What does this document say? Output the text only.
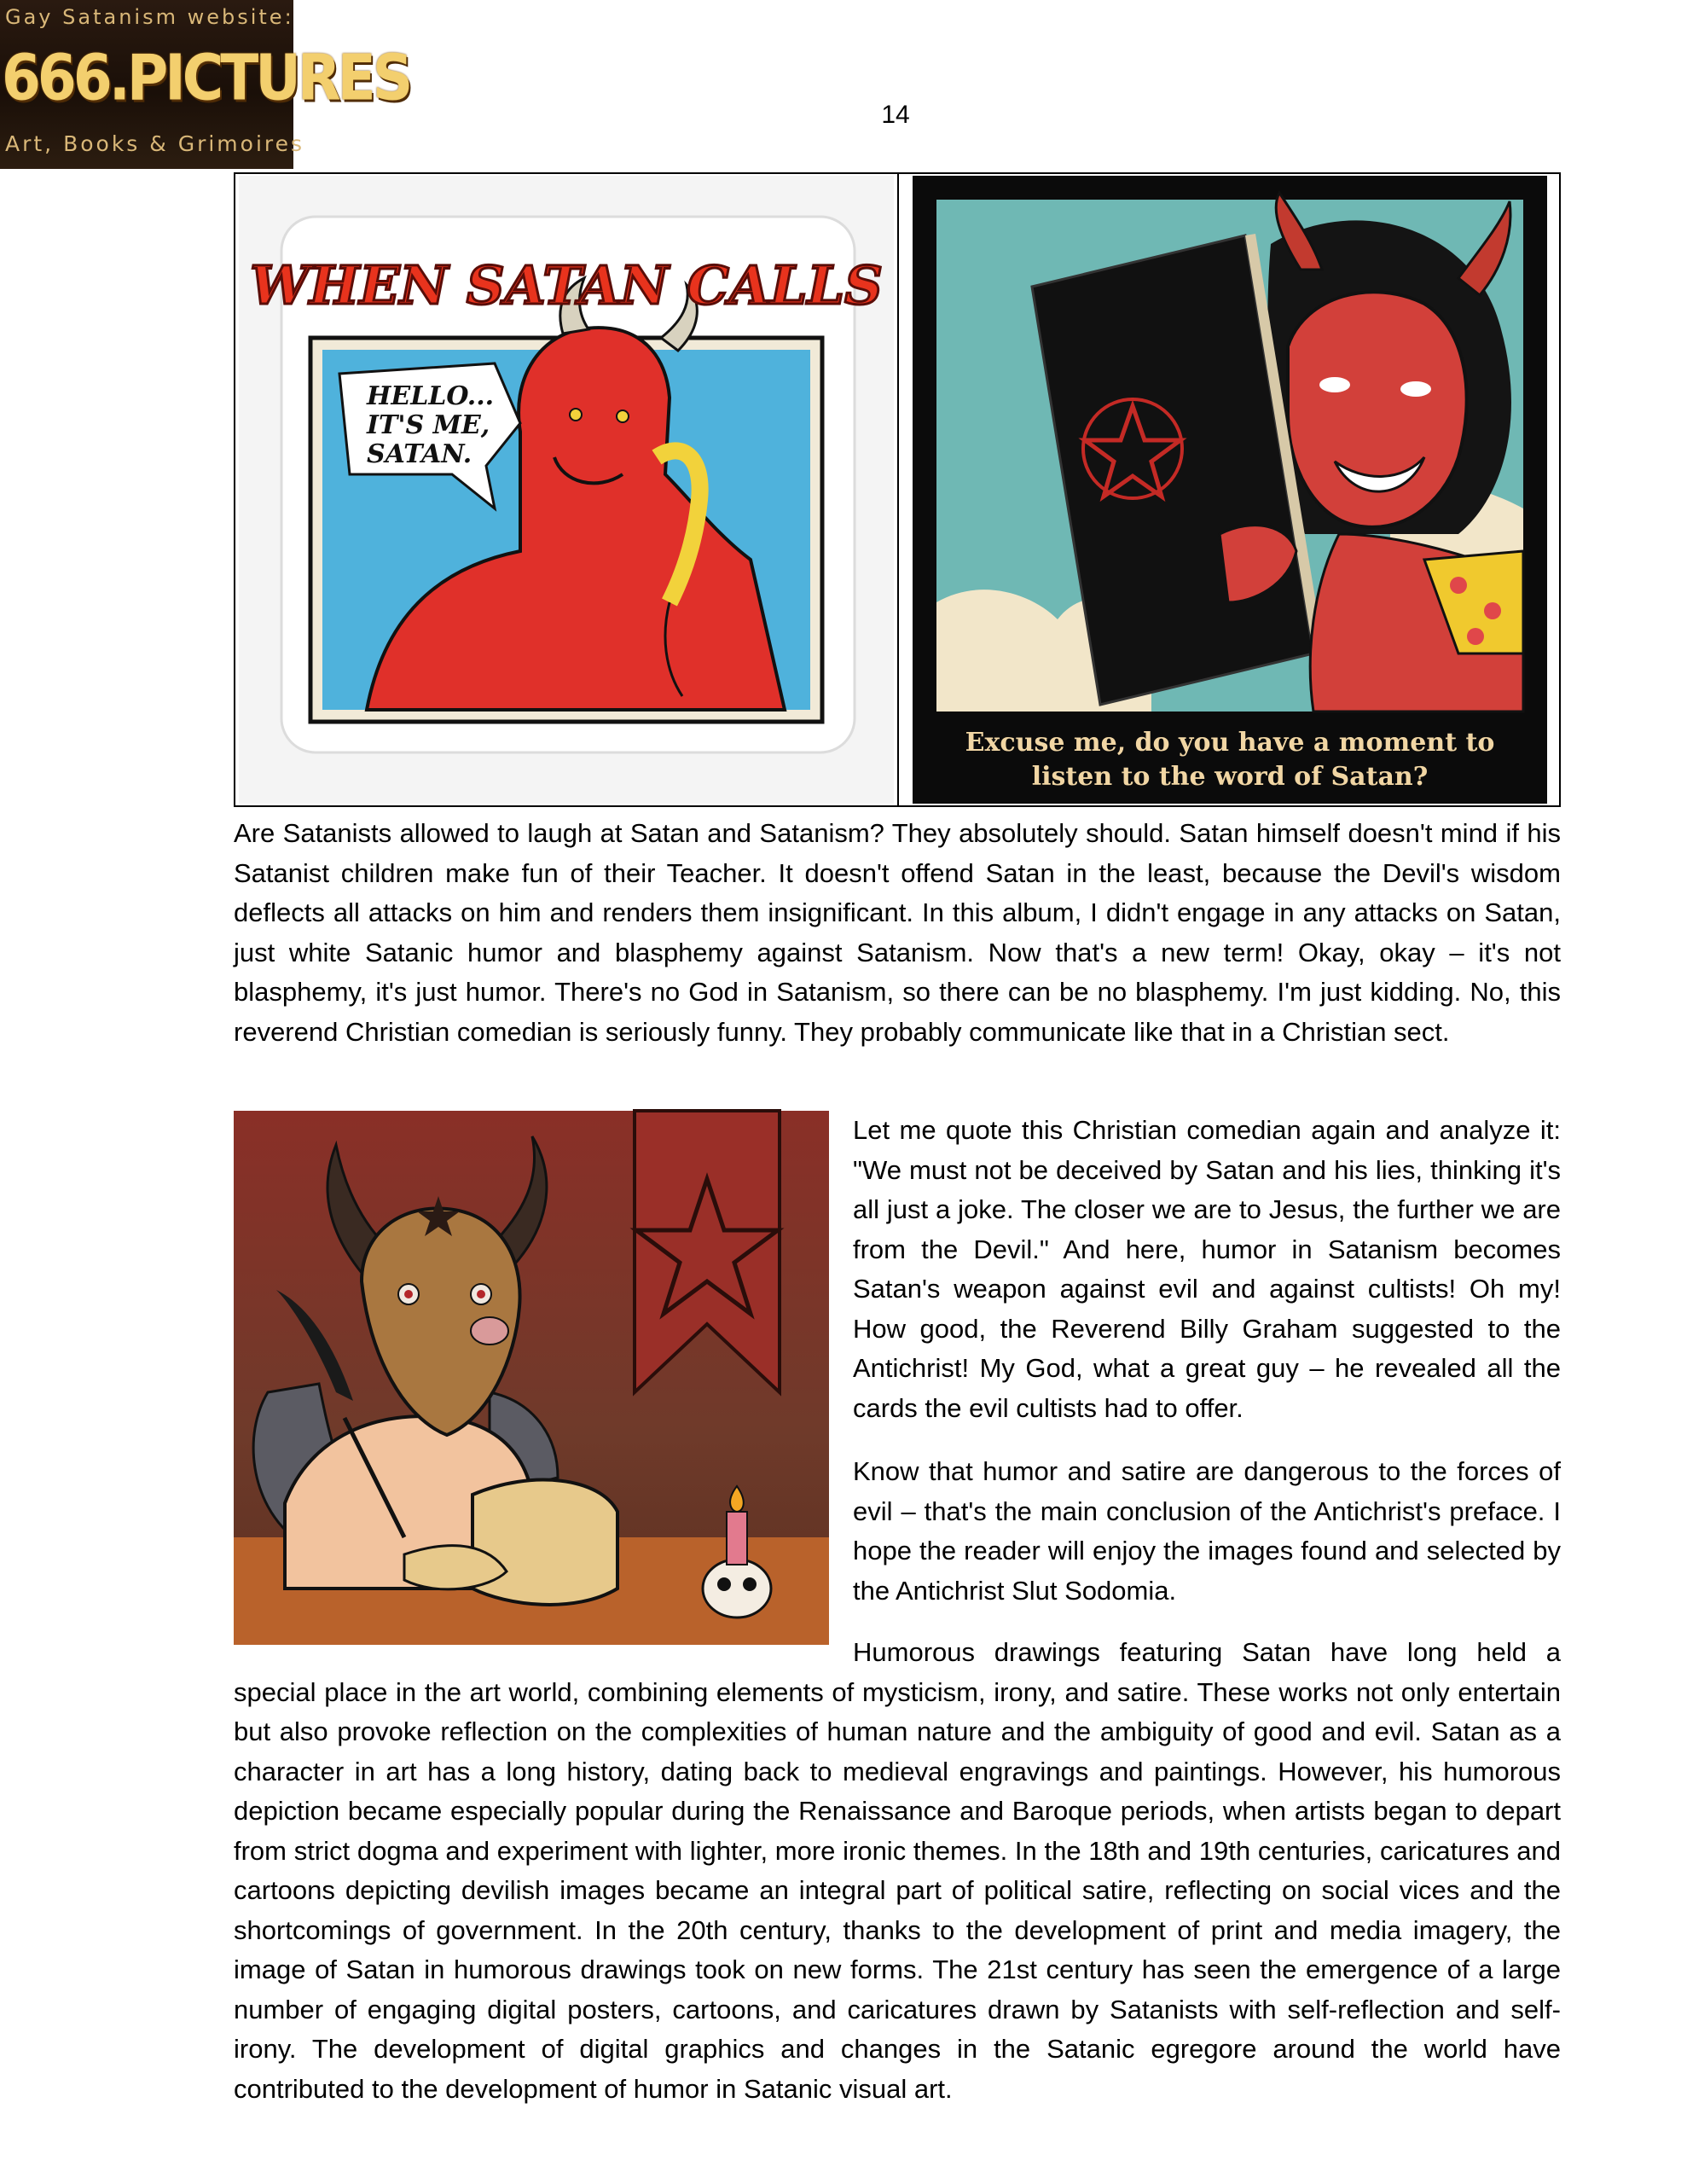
Gay Satanism website:
666.PICTURES
Art, Books & Grimoires
14
HELLO...
IT'S ME,
SATAN.
WHEN SATAN CALLS
Excuse me, do you have a moment to
listen to the word of Satan?

Are Satanists allowed to laugh at Satan and Satanism? They absolutely should. Satan himself doesn't mind if his Satanist children make fun of their Teacher. It doesn't offend Satan in the least, because the Devil's wisdom deflects all attacks on him and renders them insignificant. In this album, I didn't engage in any attacks on Satan, just white Satanic humor and blasphemy against Satanism. Now that's a new term! Okay, okay – it's not blasphemy, it's just humor. There's no God in Satanism, so there can be no blasphemy. I'm just kidding. No, this reverend Christian comedian is seriously funny. They probably communicate like that in a Christian sect.

Let me quote this Christian comedian again and analyze it: "We must not be deceived by Satan and his lies, thinking it's all just a joke. The closer we are to Jesus, the further we are from the Devil." And here, humor in Satanism becomes Satan's weapon against evil and against cultists! Oh my! How good, the Reverend Billy Graham suggested to the Antichrist! My God, what a great guy – he revealed all the cards the evil cultists had to offer.

Know that humor and satire are dangerous to the forces of evil – that's the main conclusion of the Antichrist's preface. I hope the reader will enjoy the images found and selected by the Antichrist Slut Sodomia.

Humorous drawings featuring Satan have long held a special place in the art world, combining elements of mysticism, irony, and satire. These works not only entertain but also provoke reflection on the complexities of human nature and the ambiguity of good and evil. Satan as a character in art has a long history, dating back to medieval engravings and paintings. However, his humorous depiction became especially popular during the Renaissance and Baroque periods, when artists began to depart from strict dogma and experiment with lighter, more ironic themes. In the 18th and 19th centuries, caricatures and cartoons depicting devilish images became an integral part of political satire, reflecting on social vices and the shortcomings of government. In the 20th century, thanks to the development of print and media imagery, the image of Satan in humorous drawings took on new forms. The 21st century has seen the emergence of a large number of engaging digital posters, cartoons, and caricatures drawn by Satanists with self-reflection and self-irony. The development of digital graphics and changes in the Satanic egregore around the world have contributed to the development of humor in Satanic visual art.
